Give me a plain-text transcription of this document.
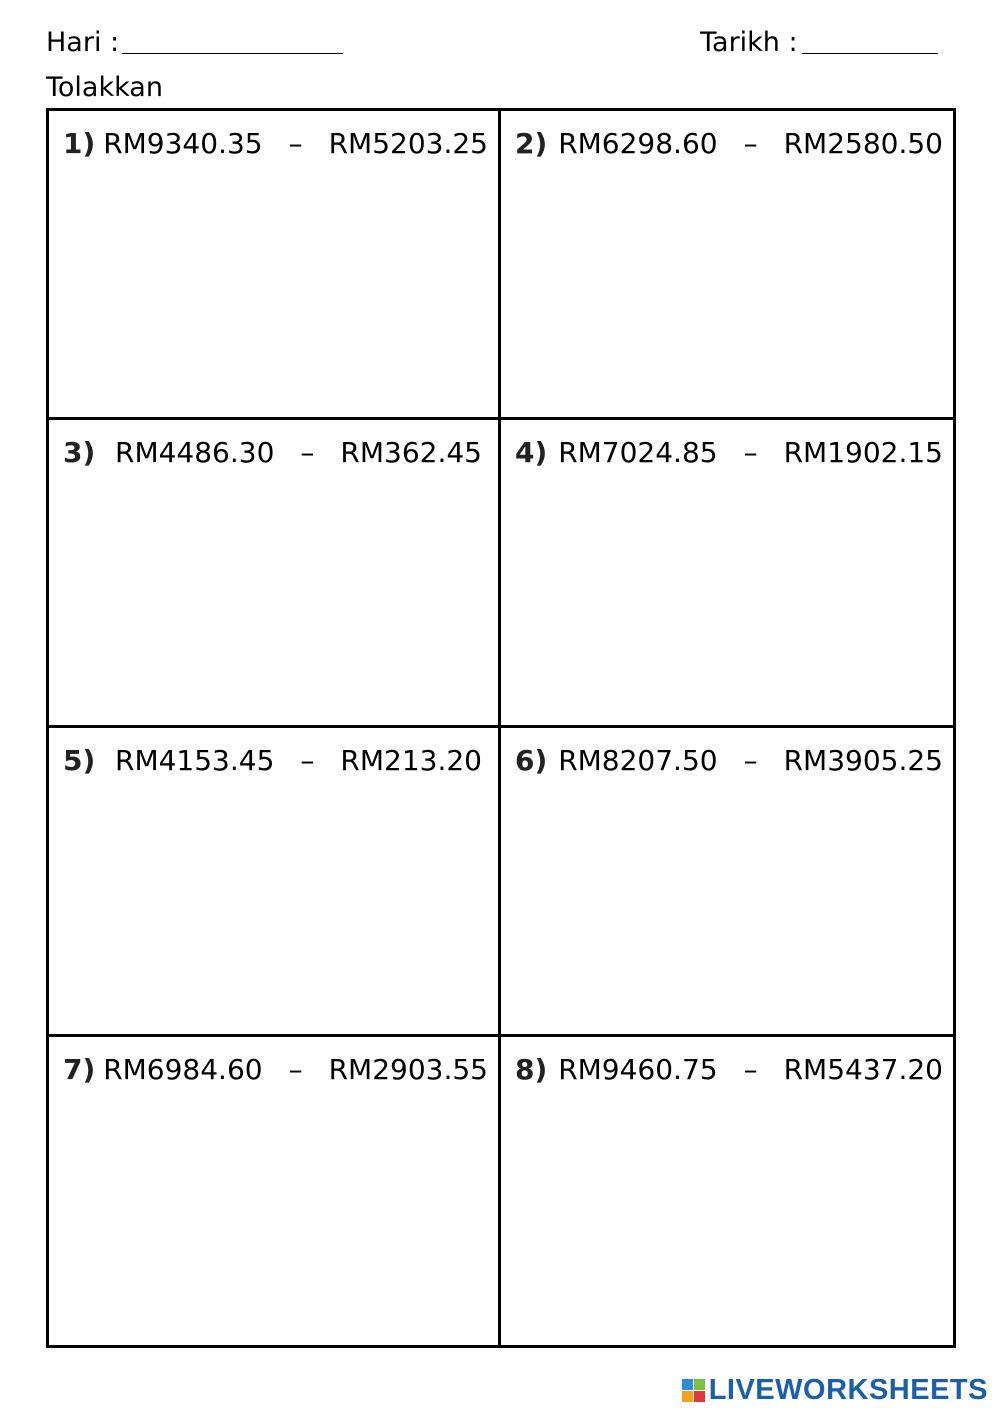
Hari :	Tarikh :
Tolakkan
1) RM9340.35 – RM5203.25 2) RM6298.60 – RM2580.50
3) RM4486.30 – RM362.45 4) RM7024.85 – RM1902.15
5) RM4153.45 – RM213.20 6) RM8207.50 – RM3905.25
7) RM6984.60 – RM2903.55 8) RM9460.75 – RM5437.20
LIVEWORKSHEETS
